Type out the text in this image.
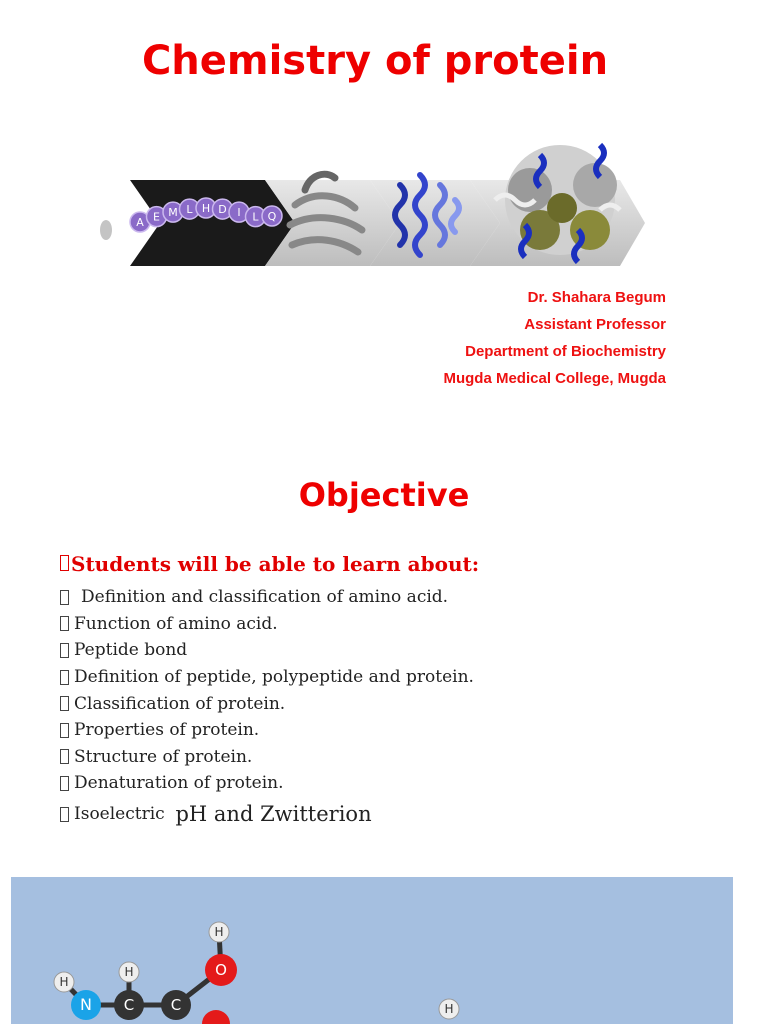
Chemistry of protein
A E M L H D I L Q
Dr. Shahara Begum
Assistant Professor
Department of Biochemistry
Mugda Medical College, Mugda
Objective
Students will be able to learn about:
Definition and classification of amino acid.
Function of amino acid.
Peptide bond
Definition of peptide, polypeptide and protein.
Classification of protein.
Properties of protein.
Structure of protein.
Denaturation of protein.
Isoelectric
pH and Zwitterion
H
N
H
C C
H
O
H
